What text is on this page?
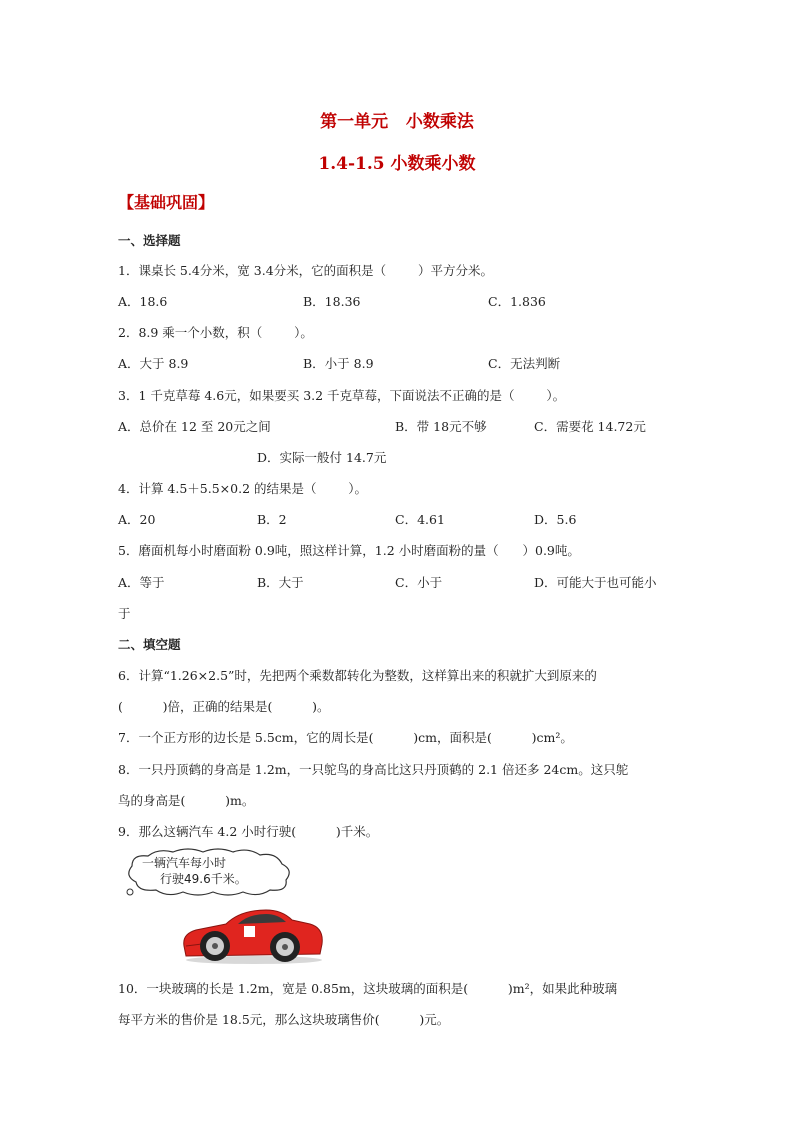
第一单元   小数乘法
1.4-1.5 小数乘小数
【基础巩固】
一、选择题
1．课桌长 5.4分米，宽 3.4分米，它的面积是（        ）平方分米。
A．18.6	B．18.36	C．1.836
2．8.9 乘一个小数，积（        ）。
A．大于 8.9	B．小于 8.9	C．无法判断
3．1 千克草莓 4.6元，如果要买 3.2 千克草莓，下面说法不正确的是（        ）。
A．总价在 12 至 20元之间	B．带 18元不够	C．需要花 14.72元
D．实际一般付 14.7元
4．计算 4.5＋5.5×0.2 的结果是（        ）。
A．20	B．2	C．4.61	D．5.6
5．磨面机每小时磨面粉 0.9吨，照这样计算，1.2 小时磨面粉的量（      ）0.9吨。
A．等于	B．大于	C．小于	D．可能大于也可能小
于
二、填空题
6．计算“1.26×2.5”时，先把两个乘数都转化为整数，这样算出来的积就扩大到原来的
(          )倍，正确的结果是(          )。
7．一个正方形的边长是 5.5cm，它的周长是(          )cm，面积是(          )cm²。
8．一只丹顶鹤的身高是 1.2m，一只鸵鸟的身高比这只丹顶鹤的 2.1 倍还多 24cm。这只鸵
鸟的身高是(          )m。
9．那么这辆汽车 4.2 小时行驶(          )千米。
一辆汽车每小时
行驶49.6千米。
10．一块玻璃的长是 1.2m，宽是 0.85m，这块玻璃的面积是(          )m²，如果此种玻璃
每平方米的售价是 18.5元，那么这块玻璃售价(          )元。
